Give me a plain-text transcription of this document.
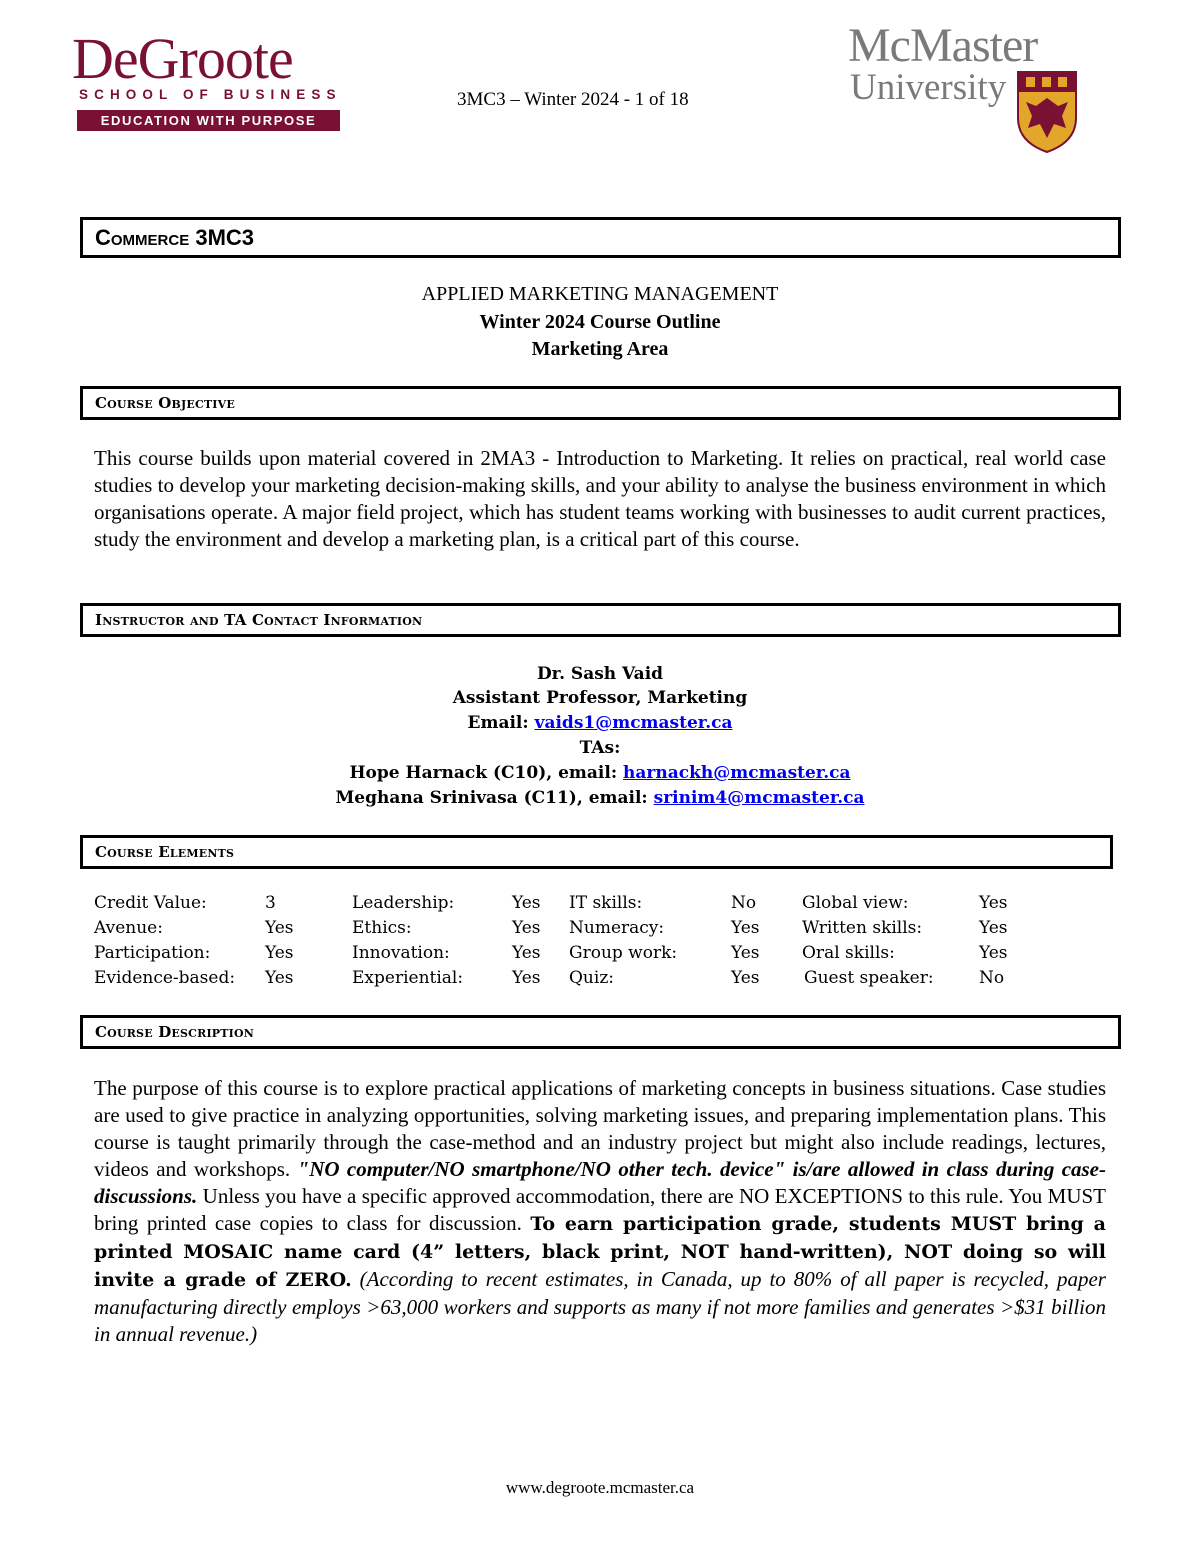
DeGroote
SCHOOL OF BUSINESS
EDUCATION WITH PURPOSE
3MC3 – Winter 2024 - 1 of 18
McMaster
University
Commerce 3MC3
APPLIED MARKETING MANAGEMENT
Winter 2024 Course Outline
Marketing Area
Course Objective

This course builds upon material covered in 2MA3 - Introduction to Marketing. It relies on practical, real world case studies to develop your marketing decision-making skills, and your ability to analyse the business environment in which organisations operate. A major field project, which has student teams working with businesses to audit current practices, study the environment and develop a marketing plan, is a critical part of this course.

Instructor and TA Contact Information
Dr. Sash Vaid
Assistant Professor, Marketing
Email: vaids1@mcmaster.ca
TAs:
Hope Harnack (C10), email: harnackh@mcmaster.ca
Meghana Srinivasa (C11), email: srinim4@mcmaster.ca
Course Elements
Credit Value:	3	Leadership:	Yes IT skills:	No	Global view:	Yes
Avenue:	Yes	Ethics:	Yes Numeracy:	Yes Written skills:	Yes
Participation:	Yes	Innovation:	Yes Group work:	Yes Oral skills:	Yes
Evidence-based: Yes	Experiential:	Yes Quiz:	Yes	Guest speaker:	No
Course Description

The purpose of this course is to explore practical applications of marketing concepts in business situations. Case studies are used to give practice in analyzing opportunities, solving marketing issues, and preparing implementation plans. This course is taught primarily through the case-method and an industry project but might also include readings, lectures, videos and workshops. "NO computer/NO smartphone/NO other tech. device" is/are allowed in class during case-discussions. Unless you have a specific approved accommodation, there are NO EXCEPTIONS to this rule. You MUST bring printed case copies to class for discussion. To earn participation grade, students MUST bring a printed MOSAIC name card (4” letters, black print, NOT hand-written), NOT doing so will invite a grade of ZERO. (According to recent estimates, in Canada, up to 80% of all paper is recycled, paper manufacturing directly employs >63,000 workers and supports as many if not more families and generates >$31 billion in annual revenue.)

www.degroote.mcmaster.ca
